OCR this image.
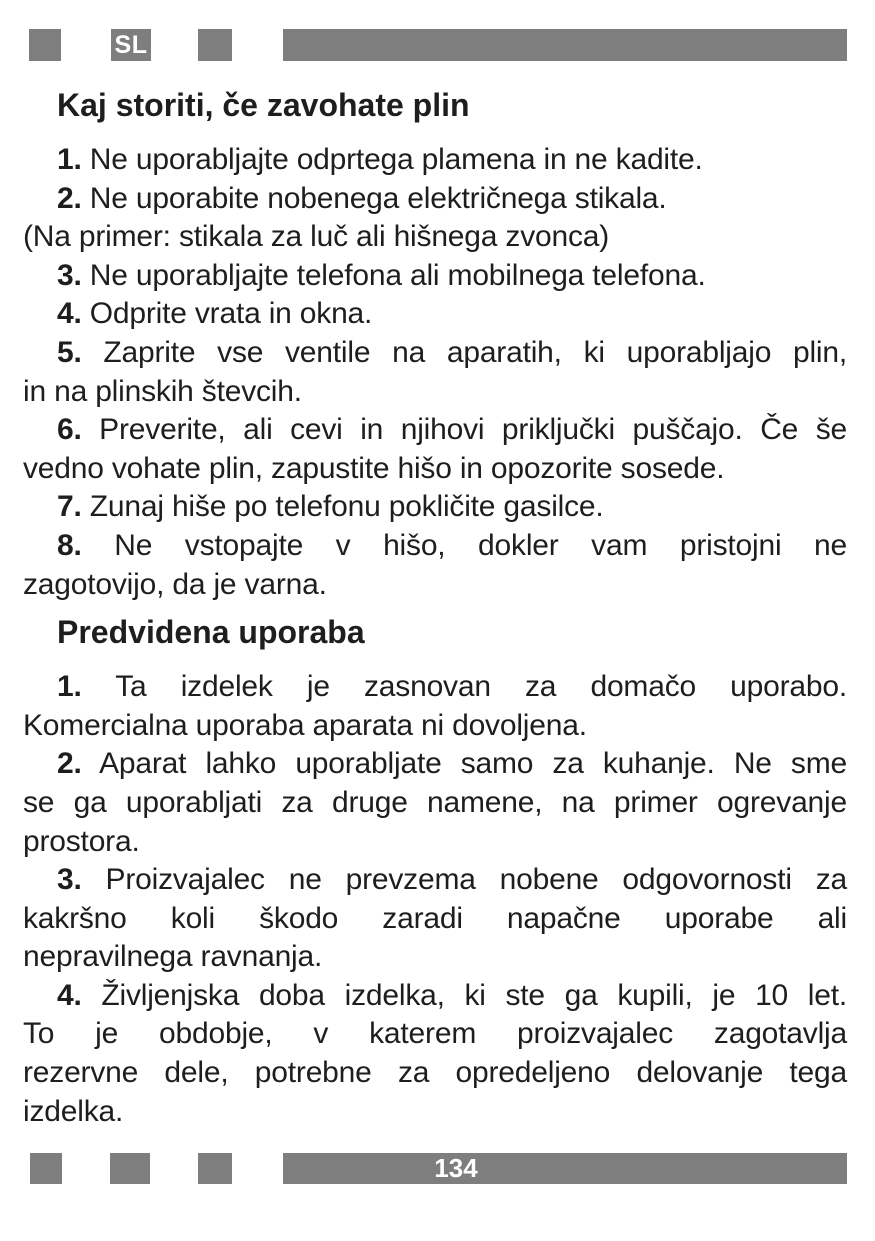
SL
Kaj storiti, če zavohate plin
1. Ne uporabljajte odprtega plamena in ne kadite.
2. Ne uporabite nobenega električnega stikala.
(Na primer: stikala za luč ali hišnega zvonca)
3. Ne uporabljajte telefona ali mobilnega telefona.
4. Odprite vrata in okna.
5. Zaprite vse ventile na aparatih, ki uporabljajo plin,
in na plinskih števcih.
6. Preverite, ali cevi in njihovi priključki puščajo. Če še
vedno vohate plin, zapustite hišo in opozorite sosede.
7. Zunaj hiše po telefonu pokličite gasilce.
8. Ne vstopajte v hišo, dokler vam pristojni ne
zagotovijo, da je varna.
Predvidena uporaba
1. Ta izdelek je zasnovan za domačo uporabo.
Komercialna uporaba aparata ni dovoljena.
2. Aparat lahko uporabljate samo za kuhanje. Ne sme
se ga uporabljati za druge namene, na primer ogrevanje
prostora.
3. Proizvajalec ne prevzema nobene odgovornosti za
kakršno koli škodo zaradi napačne uporabe ali
nepravilnega ravnanja.
4. Življenjska doba izdelka, ki ste ga kupili, je 10 let.
To je obdobje, v katerem proizvajalec zagotavlja
rezervne dele, potrebne za opredeljeno delovanje tega
izdelka.
134
